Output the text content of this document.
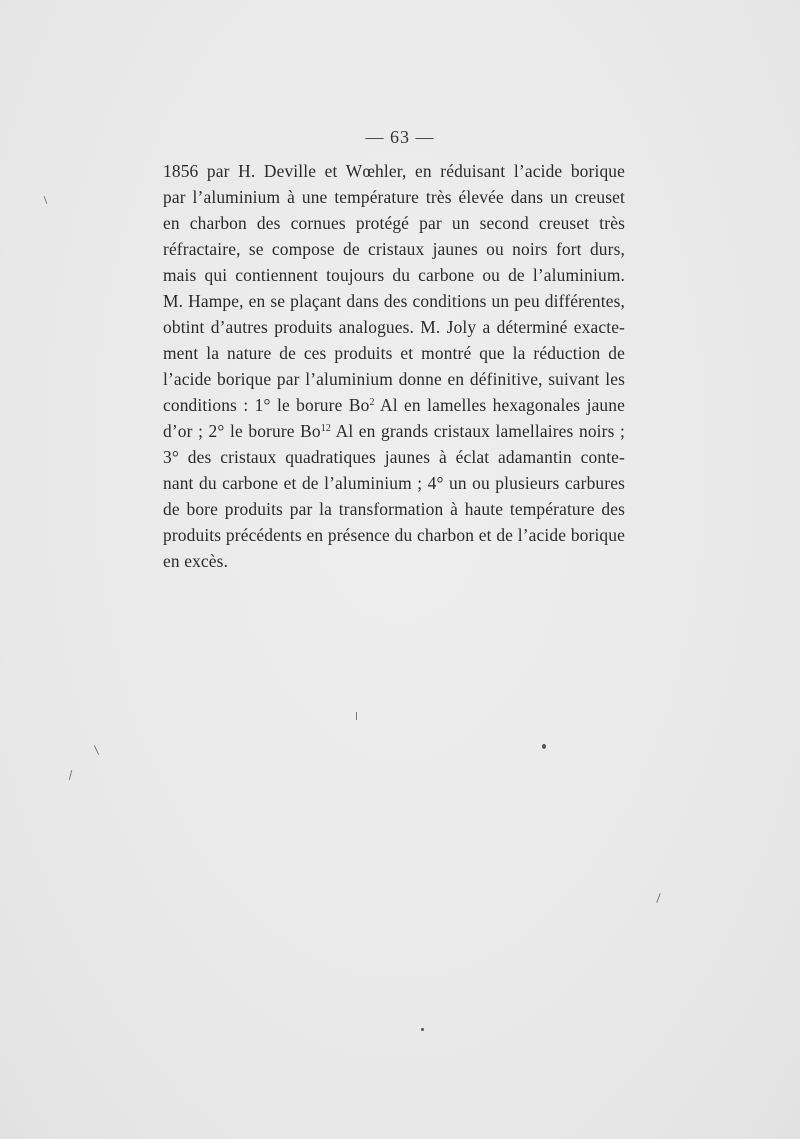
— 63 —
1856 par H. Deville et Wœhler, en réduisant l’acide borique
par l’aluminium à une température très élevée dans un creuset
en charbon des cornues protégé par un second creuset très
réfractaire, se compose de cristaux jaunes ou noirs fort durs,
mais qui contiennent toujours du carbone ou de l’aluminium.
M. Hampe, en se plaçant dans des conditions un peu différentes,
obtint d’autres produits analogues. M. Joly a déterminé exacte-
ment la nature de ces produits et montré que la réduction de
l’acide borique par l’aluminium donne en définitive, suivant les
conditions : 1° le borure Bo$^2$ Al en lamelles hexagonales jaune
d’or ; 2° le borure Bo$^{12}$ Al en grands cristaux lamellaires noirs ;
3° des cristaux quadratiques jaunes à éclat adamantin conte-
nant du carbone et de l’aluminium ; 4° un ou plusieurs carbures
de bore produits par la transformation à haute température des
produits précédents en présence du charbon et de l’acide borique
en excès.
